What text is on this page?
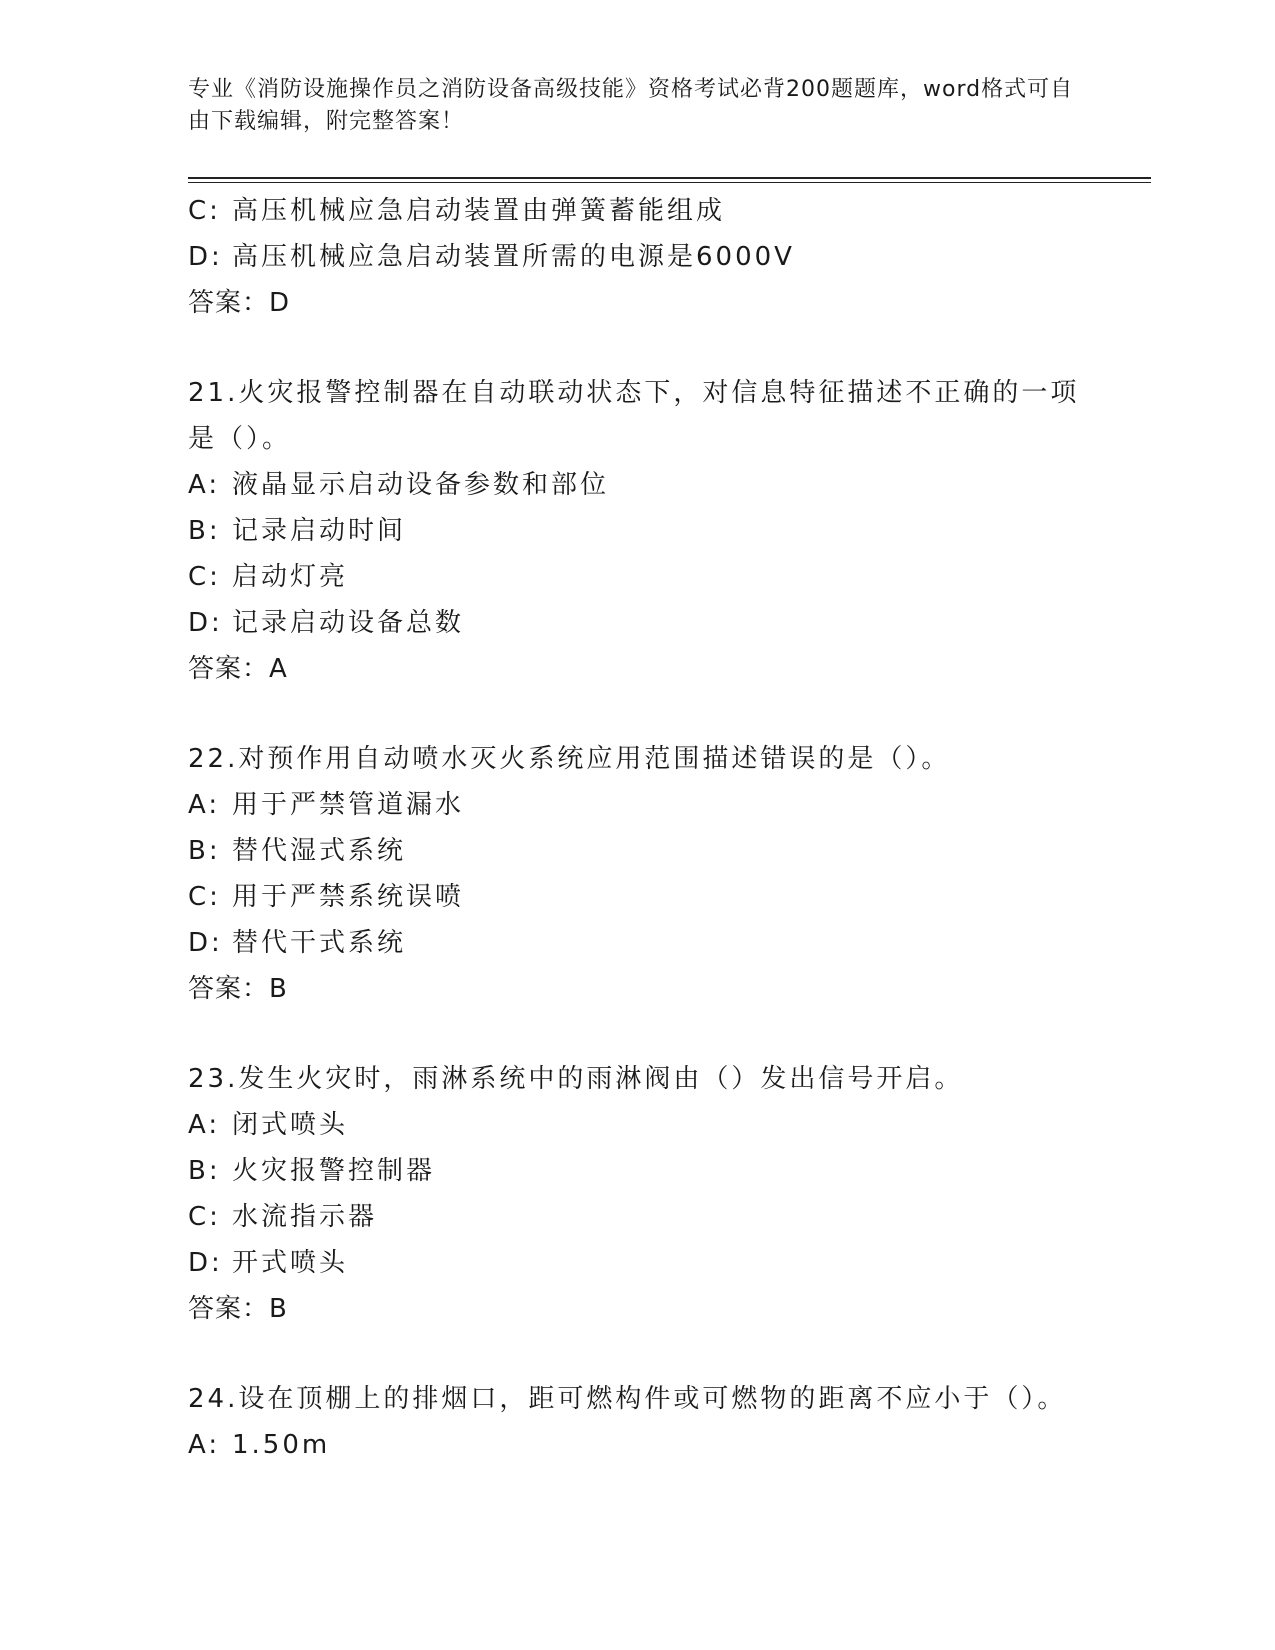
专业《消防设施操作员之消防设备高级技能》资格考试必背200题题库，word格式可自由下载编辑，附完整答案！
C: 高压机械应急启动装置由弹簧蓄能组成
D: 高压机械应急启动装置所需的电源是6000V
答案：D
21.火灾报警控制器在自动联动状态下，对信息特征描述不正确的一项
是（）。
A: 液晶显示启动设备参数和部位
B: 记录启动时间
C: 启动灯亮
D: 记录启动设备总数
答案：A
22.对预作用自动喷水灭火系统应用范围描述错误的是（）。
A: 用于严禁管道漏水
B: 替代湿式系统
C: 用于严禁系统误喷
D: 替代干式系统
答案：B
23.发生火灾时，雨淋系统中的雨淋阀由（）发出信号开启。
A: 闭式喷头
B: 火灾报警控制器
C: 水流指示器
D: 开式喷头
答案：B
24.设在顶棚上的排烟口，距可燃构件或可燃物的距离不应小于（）。
A: 1.50m
